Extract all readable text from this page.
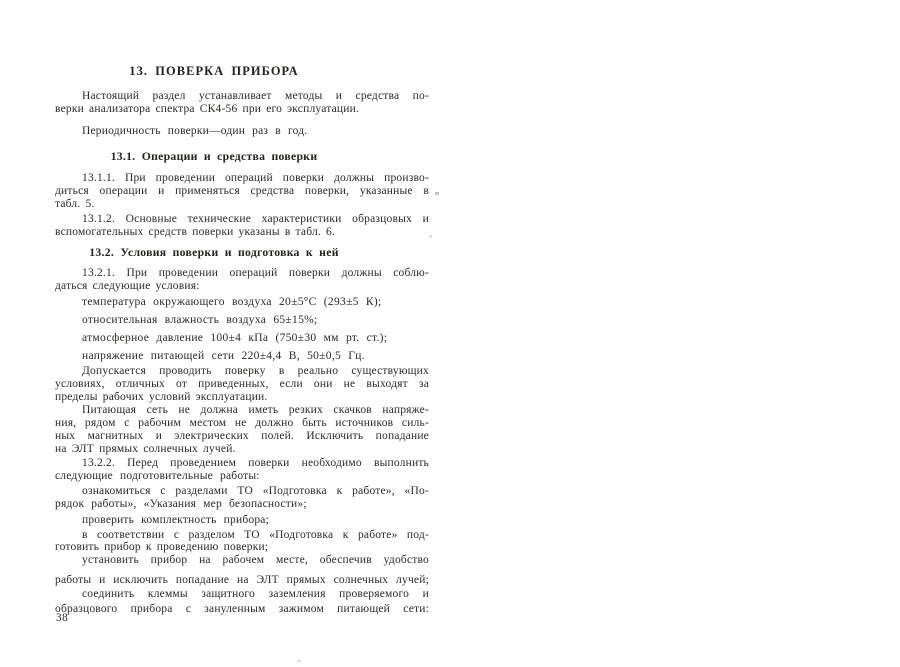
13. ПОВЕРКА ПРИБОРА
Настоящий раздел устанавливает методы и средства по-
верки анализатора спектра СК4-56 при его эксплуатации.
Периодичность поверки—один раз в год.
13.1. Операции и средства поверки
13.1.1. При проведении операций поверки должны произво-
диться операции и применяться средства поверки, указанные в
табл. 5.
13.1.2. Основные технические характеристики образцовых и
вспомогательных средств поверки указаны в табл. 6.
13.2. Условия поверки и подготовка к ней
13.2.1. При проведении операций поверки должны соблю-
даться следующие условия:
температура окружающего воздуха 20±5°С (293±5 К);
относительная влажность воздуха 65±15%;
атмосферное давление 100±4 кПа (750±30 мм рт. ст.);
напряжение питающей сети 220±4,4 В, 50±0,5 Гц.
Допускается проводить поверку в реально существующих
условиях, отличных от приведенных, если они не выходят за
пределы рабочих условий эксплуатации.
Питающая сеть не должна иметь резких скачков напряже-
ния, рядом с рабочим местом не должно быть источников силь-
ных магнитных и электрических полей. Исключить попадание
на ЭЛТ прямых солнечных лучей.
13.2.2. Перед проведением поверки необходимо выполнить
следующие подготовительные работы:
ознакомиться с разделами ТО «Подготовка к работе», «По-
рядок работы», «Указания мер безопасности»;
проверить комплектность прибора;
в соответствии с разделом ТО «Подготовка к работе» под-
готовить прибор к проведению поверки;
установить прибор на рабочем месте, обеспечив удобство
работы и исключить попадание на ЭЛТ прямых солнечных лучей;
соединить клеммы защитного заземления проверяемого и
образцового прибора с зануленным зажимом питающей сети:
38
